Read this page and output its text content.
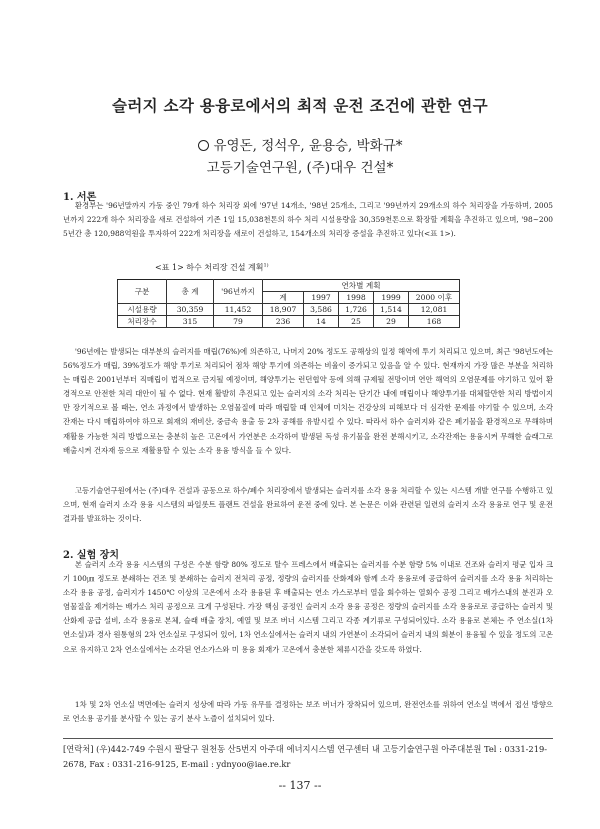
슬러지 소각 용융로에서의 최적 운전 조건에 관한 연구
유영돈, 정석우, 윤용승, 박화규*
고등기술연구원, (주)대우 건설*
1. 서론

환경부는 '96년말까지 가동 중인 79개 하수 처리장 외에 '97년 14개소, '98년 25개소, 그리고 '99년까지 29개소의 하수 처리장을 가동하며, 2005년까지 222개 하수 처리장을 새로 건설하여 기존 1일 15,038천톤의 하수 처리 시설용량을 30,359천톤으로 확장할 계획을 추진하고 있으며, '98~2005년간 총 120,988억원을 투자하여 222개 처리장을 새로이 건설하고, 154개소의 처리장 증설을 추진하고 있다(<표 1>).

<표 1> 하수 처리장 건설 계획$^{1)}$
구분	총 계	'96년까지	연차별 계획				
			계	1997	1998	1999	2000 이후
시설용량	30,359	11,452	18,907	3,586	1,726	1,514	12,081
처리장수	315	79	236	14	25	29	168

'96년에는 발생되는 대부분의 슬러지를 매립(76%)에 의존하고, 나머지 20% 정도도 공해상의 일정 해역에 투기 처리되고 있으며, 최근 '98년도에는 56%정도가 매립, 39%정도가 해양 투기로 처리되어 점차 해양 투기에 의존하는 비율이 증가되고 있음을 알 수 있다. 현재까지 가장 많은 부분을 처리하는 매립은 2001년부터 직매립이 법적으로 금지될 예정이며, 해양투기는 런던협약 등에 의해 규제될 전망이며 연안 해역의 오염문제를 야기하고 있어 환경적으로 안전한 처리 대안이 될 수 없다. 현재 활발히 추진되고 있는 슬러지의 소각 처리는 단기간 내에 매립이나 해양투기를 대체할만한 처리 방법이지만 장기적으로 볼 때는, 연소 과정에서 발생하는 오염물질에 따라 매립할 때 인체에 미치는 건강상의 피해보다 더 심각한 문제를 야기할 수 있으며, 소각 잔재는 다시 매립하여야 하므로 회재의 재비산, 중금속 용출 등 2차 공해를 유발시킬 수 있다. 따라서 하수 슬러지와 같은 폐기물을 환경적으로 무해하며 재활용 가능한 처리 방법으로는 충분히 높은 고온에서 가연분은 소각하여 발생된 독성 유기물을 완전 분해시키고, 소각잔재는 용융시켜 무해한 슬래그로 배출시켜 건자재 등으로 재활용할 수 있는 소각 용융 방식을 들 수 있다.

고등기술연구원에서는 (주)대우 건설과 공동으로 하수/폐수 처리장에서 발생되는 슬러지를 소각 용융 처리할 수 있는 시스템 개발 연구를 수행하고 있으며, 현재 슬러지 소각 용융 시스템의 파일롯트 플랜트 건설을 완료하여 운전 중에 있다. 본 논문은 이와 관련된 일련의 슬러지 소각 용융로 연구 및 운전결과를 발표하는 것이다.

2. 실험 장치

본 슬러지 소각 용융 시스템의 구성은 수분 함량 80% 정도로 탈수 프레스에서 배출되는 슬러지를 수분 함량 5% 이내로 건조와 슬러지 평균 입자 크기 100㎛ 정도로 분쇄하는 건조 및 분쇄하는 슬러지 전처리 공정, 정량의 슬러지를 산화제와 함께 소각 용융로에 공급하여 슬러지를 소각 용융 처리하는 소각 용융 공정, 슬러지가 1450℃ 이상의 고온에서 소각 용융된 후 배출되는 연소 가스로부터 열을 회수하는 열회수 공정 그리고 배가스내의 분진과 오염물질을 제거하는 배가스 처리 공정으로 크게 구성된다. 가장 핵심 공정인 슬러지 소각 용융 공정은 정량의 슬러지를 소각 용융로로 공급하는 슬러지 및 산화제 공급 설비, 소각 용융로 본체, 슬래 배출 장치, 예열 및 보조 버너 시스템 그리고 각종 계기류로 구성되어있다. 소각 용융로 본체는 주 연소실(1차 연소실)과 경사 원통형의 2차 연소실로 구성되어 있어, 1차 연소실에서는 슬러지 내의 가연분이 소각되어 슬러지 내의 회분이 용융될 수 있을 정도의 고온으로 유지하고 2차 연소실에서는 소각된 연소가스와 미 용융 회재가 고온에서 충분한 체류시간을 갖도록 하였다.

1차 및 2차 연소실 벽면에는 슬러지 성상에 따라 가동 유무를 결정하는 보조 버너가 장착되어 있으며, 완전연소를 위하여 연소실 벽에서 접선 방향으로 연소용 공기를 분사할 수 있는 공기 분사 노즐이 설치되어 있다.

[연락처] (우)442-749 수원시 팔달구 원천동 산5번지 아주대 에너지시스템 연구센터 내 고등기술연구원 아주대분원 Tel : 0331-219-2678, Fax : 0331-216-9125, E-mail : ydnyoo@iae.re.kr
-- 137 --
